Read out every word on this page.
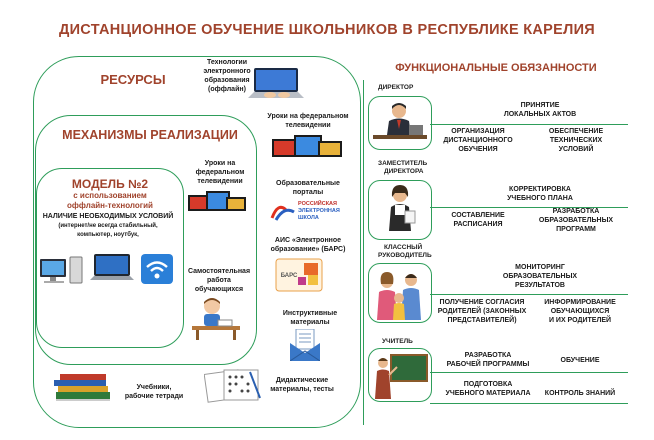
ДИСТАНЦИОННОЕ ОБУЧЕНИЕ ШКОЛЬНИКОВ В РЕСПУБЛИКЕ КАРЕЛИЯ
РЕСУРСЫ
МЕХАНИЗМЫ РЕАЛИЗАЦИИ
МОДЕЛЬ №2
с использованием
оффлайн-технологий
НАЛИЧИЕ НЕОБХОДИМЫХ УСЛОВИЙ
(интернет/не всегда стабильный,
компьютер, ноутбук,
Технологии
электронного
образования
(оффлайн)
Уроки на федеральном
телевидении
Уроки на
федеральном
телевидении	Образовательные
порталы
РОССИЙСКАЯ
ЭЛЕКТРОННАЯ
ШКОЛА
АИС «Электронное
образование» (БАРС)
БАРС
Самостоятельная
работа
обучающихся
Инструктивные
материалы
Учебники,
рабочие тетради
Дидактические
материалы, тесты
ФУНКЦИОНАЛЬНЫЕ ОБЯЗАННОСТИ
ДИРЕКТОР
ПРИНЯТИЕ
ЛОКАЛЬНЫХ АКТОВ
ОРГАНИЗАЦИЯ
ДИСТАНЦИОННОГО
ОБУЧЕНИЯ
ОБЕСПЕЧЕНИЕ
ТЕХНИЧЕСКИХ
УСЛОВИЙ
ЗАМЕСТИТЕЛЬ
ДИРЕКТОРА
КОРРЕКТИРОВКА
УЧЕБНОГО ПЛАНА
СОСТАВЛЕНИЕ
РАСПИСАНИЯ
РАЗРАБОТКА
ОБРАЗОВАТЕЛЬНЫХ
ПРОГРАММ
КЛАССНЫЙ
РУКОВОДИТЕЛЬ
МОНИТОРИНГ
ОБРАЗОВАТЕЛЬНЫХ
РЕЗУЛЬТАТОВ
ПОЛУЧЕНИЕ СОГЛАСИЯ
РОДИТЕЛЕЙ (ЗАКОННЫХ
ПРЕДСТАВИТЕЛЕЙ)
ИНФОРМИРОВАНИЕ
ОБУЧАЮЩИХСЯ
И ИХ РОДИТЕЛЕЙ
УЧИТЕЛЬ
РАЗРАБОТКА
РАБОЧЕЙ ПРОГРАММЫ
ОБУЧЕНИЕ
ПОДГОТОВКА
УЧЕБНОГО МАТЕРИАЛА	КОНТРОЛЬ ЗНАНИЙ
